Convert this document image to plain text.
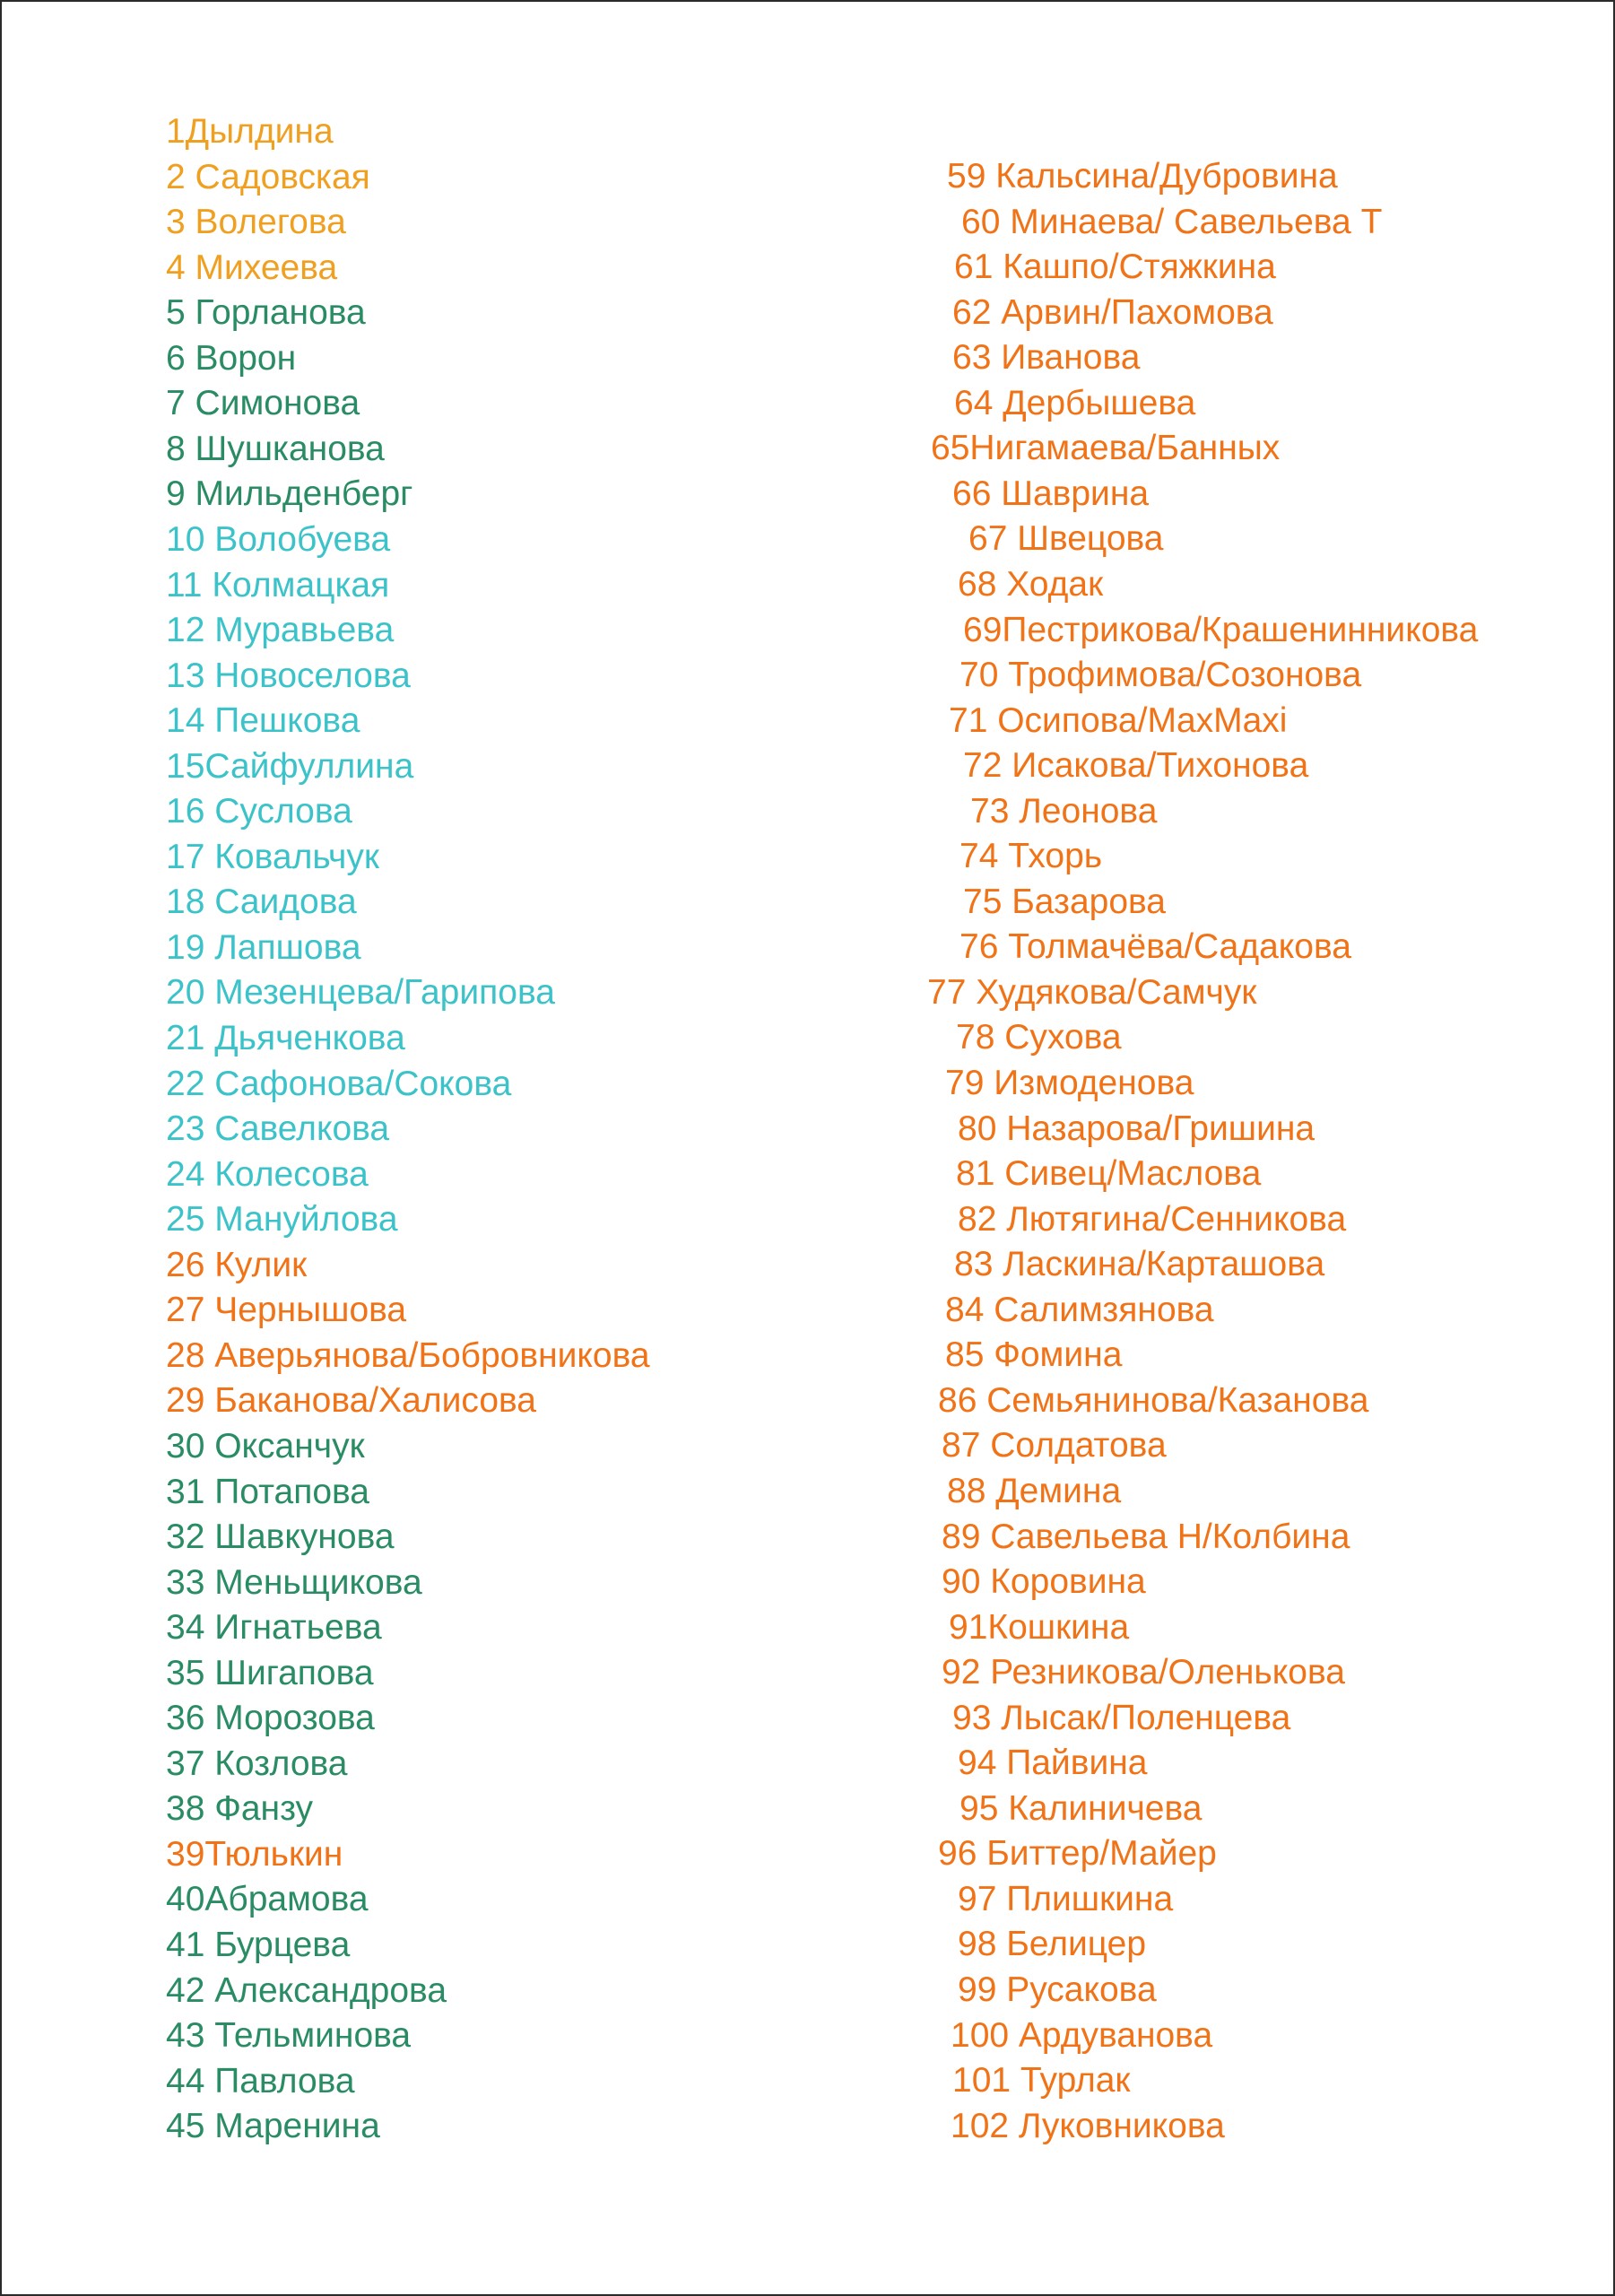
1Дылдина
2 Садовская
3 Волегова
4 Михеева
5 Горланова
6 Ворон
7 Симонова
8 Шушканова
9 Мильденберг
10 Волобуева
11 Колмацкая
12 Муравьева
13 Новоселова
14 Пешкова
15Сайфуллина
16 Суслова
17 Ковальчук
18 Саидова
19 Лапшова
20 Мезенцева/Гарипова
21 Дьяченкова
22 Сафонова/Сокова
23 Савелкова
24 Колесова
25 Мануйлова
26 Кулик
27 Чернышова
28 Аверьянова/Бобровникова
29 Баканова/Халисова
30 Оксанчук
31 Потапова
32 Шавкунова
33 Меньщикова
34 Игнатьева
35 Шигапова
36 Морозова
37 Козлова
38 Фанзу
39Тюлькин
40Абрамова
41 Бурцева
42 Александрова
43 Тельминова
44 Павлова
45 Маренина
59 Кальсина/Дубровина
60 Минаева/ Савельева Т
61 Кашпо/Стяжкина
62 Арвин/Пахомова
63 Иванова
64 Дербышева
65Нигамаева/Банных
66 Шаврина
67 Швецова
68 Ходак
69Пестрикова/Крашенинникова
70 Трофимова/Созонова
71 Осипова/MaxMaxi
72 Исакова/Тихонова
73 Леонова
74 Тхорь
75 Базарова
76 Толмачёва/Садакова
77 Худякова/Самчук
78 Сухова
79 Измоденова
80 Назарова/Гришина
81 Сивец/Маслова
82 Лютягина/Сенникова
83 Ласкина/Карташова
84 Салимзянова
85 Фомина
86 Семьянинова/Казанова
87 Солдатова
88 Демина
89 Савельева Н/Колбина
90 Коровина
91Кошкина
92 Резникова/Оленькова
93 Лысак/Поленцева
94 Пайвина
95 Калиничева
96 Биттер/Майер
97 Плишкина
98 Белицер
99 Русакова
100 Ардуванова
101 Турлак
102 Луковникова
